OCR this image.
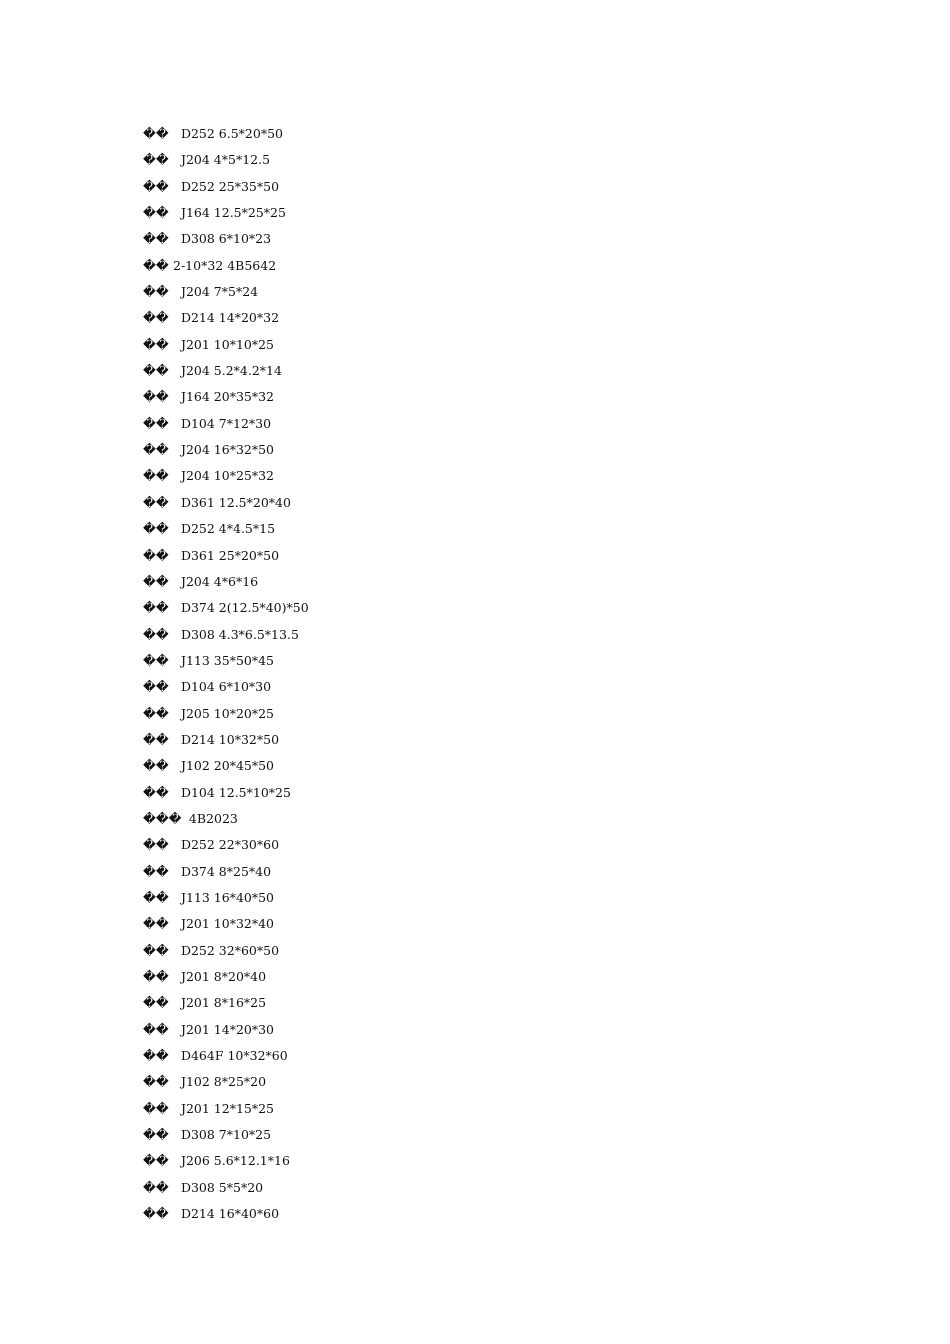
��  D252 6.5*20*50
��  J204 4*5*12.5
��  D252 25*35*50
��  J164 12.5*25*25
��  D308 6*10*23
�� 2-10*32 4B5642
��  J204 7*5*24
��  D214 14*20*32
��  J201 10*10*25
��  J204 5.2*4.2*14
��  J164 20*35*32
��  D104 7*12*30
��  J204 16*32*50
��  J204 10*25*32
��  D361 12.5*20*40
��  D252 4*4.5*15
��  D361 25*20*50
��  J204 4*6*16
��  D374 2(12.5*40)*50
��  D308 4.3*6.5*13.5
��  J113 35*50*45
��  D104 6*10*30
��  J205 10*20*25
��  D214 10*32*50
��  J102 20*45*50
��  D104 12.5*10*25
���    4B2023
��  D252 22*30*60
��  D374 8*25*40
��  J113 16*40*50
��  J201 10*32*40
��  D252 32*60*50
��  J201 8*20*40
��  J201 8*16*25
��  J201 14*20*30
��  D464F 10*32*60
��  J102 8*25*20
��  J201 12*15*25
��  D308 7*10*25
��  J206 5.6*12.1*16
��  D308 5*5*20
��  D214 16*40*60
